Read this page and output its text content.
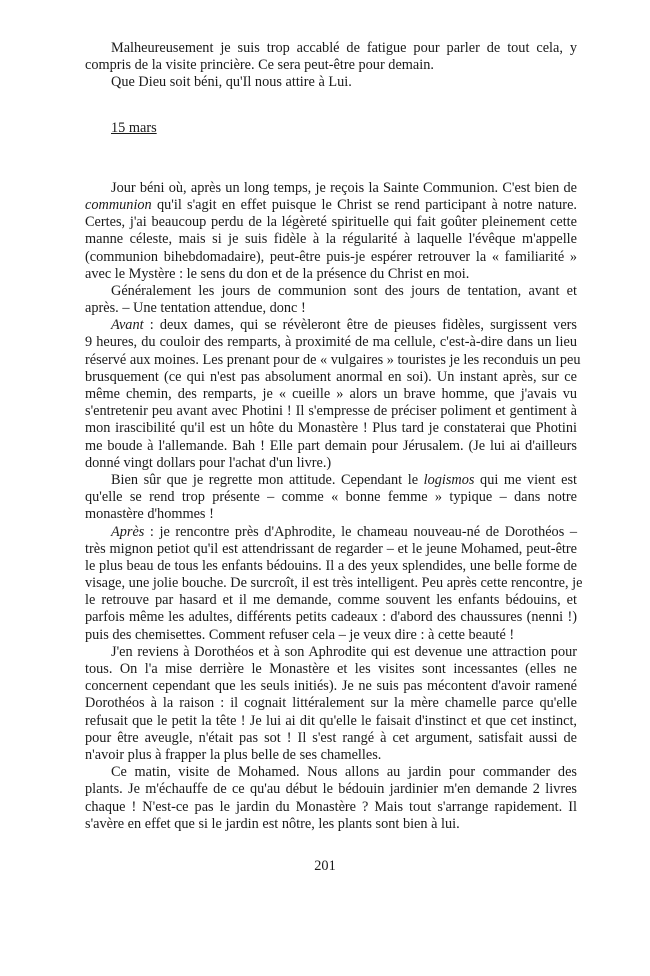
Malheureusement je suis trop accablé de fatigue pour parler de tout cela, y
compris de la visite princière. Ce sera peut-être pour demain.
Que Dieu soit béni, qu'Il nous attire à Lui.
15 mars
Jour béni où, après un long temps, je reçois la Sainte Communion. C'est bien de
communion qu'il s'agit en effet puisque le Christ se rend participant à notre nature.
Certes, j'ai beaucoup perdu de la légèreté spirituelle qui fait goûter pleinement cette
manne céleste, mais si je suis fidèle à la régularité à laquelle l'évêque m'appelle
(communion bihebdomadaire), peut-être puis-je espérer retrouver la « familiarité »
avec le Mystère : le sens du don et de la présence du Christ en moi.
Généralement les jours de communion sont des jours de tentation, avant et
après. – Une tentation attendue, donc !
Avant : deux dames, qui se révèleront être de pieuses fidèles, surgissent vers
9 heures, du couloir des remparts, à proximité de ma cellule, c'est-à-dire dans un lieu
réservé aux moines. Les prenant pour de « vulgaires » touristes je les reconduis un peu
brusquement (ce qui n'est pas absolument anormal en soi). Un instant après, sur ce
même chemin, des remparts, je « cueille » alors un brave homme, que j'avais vu
s'entretenir peu avant avec Photini ! Il s'empresse de préciser poliment et gentiment à
mon irascibilité qu'il est un hôte du Monastère ! Plus tard je constaterai que Photini
me boude à l'allemande. Bah ! Elle part demain pour Jérusalem. (Je lui ai d'ailleurs
donné vingt dollars pour l'achat d'un livre.)
Bien sûr que je regrette mon attitude. Cependant le logismos qui me vient est
qu'elle se rend trop présente – comme « bonne femme » typique – dans notre
monastère d'hommes !
Après : je rencontre près d'Aphrodite, le chameau nouveau-né de Dorothéos –
très mignon petiot qu'il est attendrissant de regarder – et le jeune Mohamed, peut-être
le plus beau de tous les enfants bédouins. Il a des yeux splendides, une belle forme de
visage, une jolie bouche. De surcroît, il est très intelligent. Peu après cette rencontre, je
le retrouve par hasard et il me demande, comme souvent les enfants bédouins, et
parfois même les adultes, différents petits cadeaux : d'abord des chaussures (nenni !)
puis des chemisettes. Comment refuser cela – je veux dire : à cette beauté !
J'en reviens à Dorothéos et à son Aphrodite qui est devenue une attraction pour
tous. On l'a mise derrière le Monastère et les visites sont incessantes (elles ne
concernent cependant que les seuls initiés). Je ne suis pas mécontent d'avoir ramené
Dorothéos à la raison : il cognait littéralement sur la mère chamelle parce qu'elle
refusait que le petit la tête ! Je lui ai dit qu'elle le faisait d'instinct et que cet instinct,
pour être aveugle, n'était pas sot ! Il s'est rangé à cet argument, satisfait aussi de
n'avoir plus à frapper la plus belle de ses chamelles.
Ce matin, visite de Mohamed. Nous allons au jardin pour commander des
plants. Je m'échauffe de ce qu'au début le bédouin jardinier m'en demande 2 livres
chaque ! N'est-ce pas le jardin du Monastère ? Mais tout s'arrange rapidement. Il
s'avère en effet que si le jardin est nôtre, les plants sont bien à lui.
201
